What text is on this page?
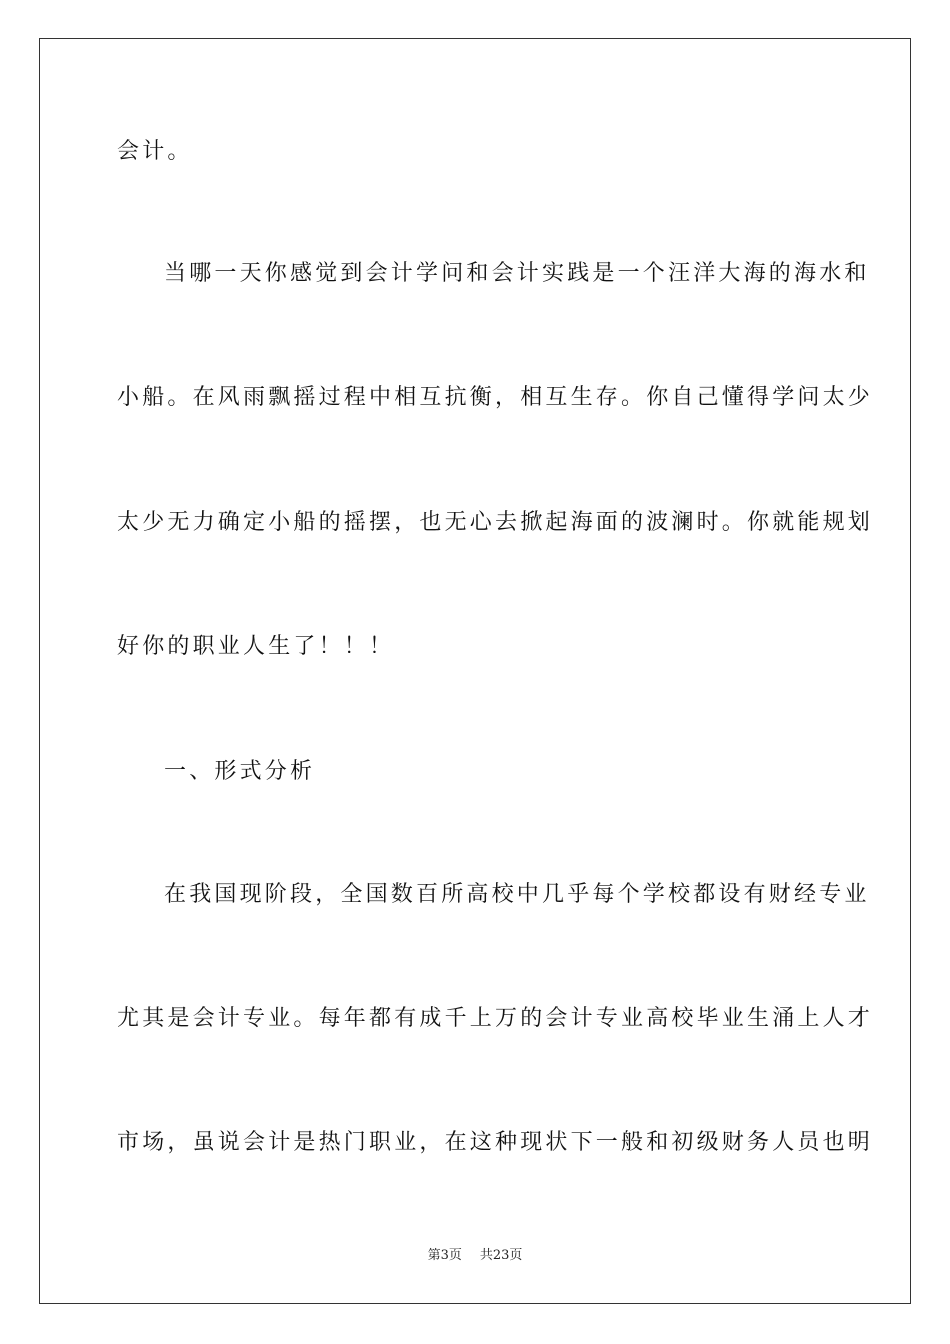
会计。
当哪一天你感觉到会计学问和会计实践是一个汪洋大海的海水和
小船。在风雨飘摇过程中相互抗衡，相互生存。你自己懂得学问太少
太少无力确定小船的摇摆，也无心去掀起海面的波澜时。你就能规划
好你的职业人生了！！！
一、形式分析
在我国现阶段，全国数百所高校中几乎每个学校都设有财经专业
尤其是会计专业。每年都有成千上万的会计专业高校毕业生涌上人才
市场，虽说会计是热门职业，在这种现状下一般和初级财务人员也明
第3页 共23页
